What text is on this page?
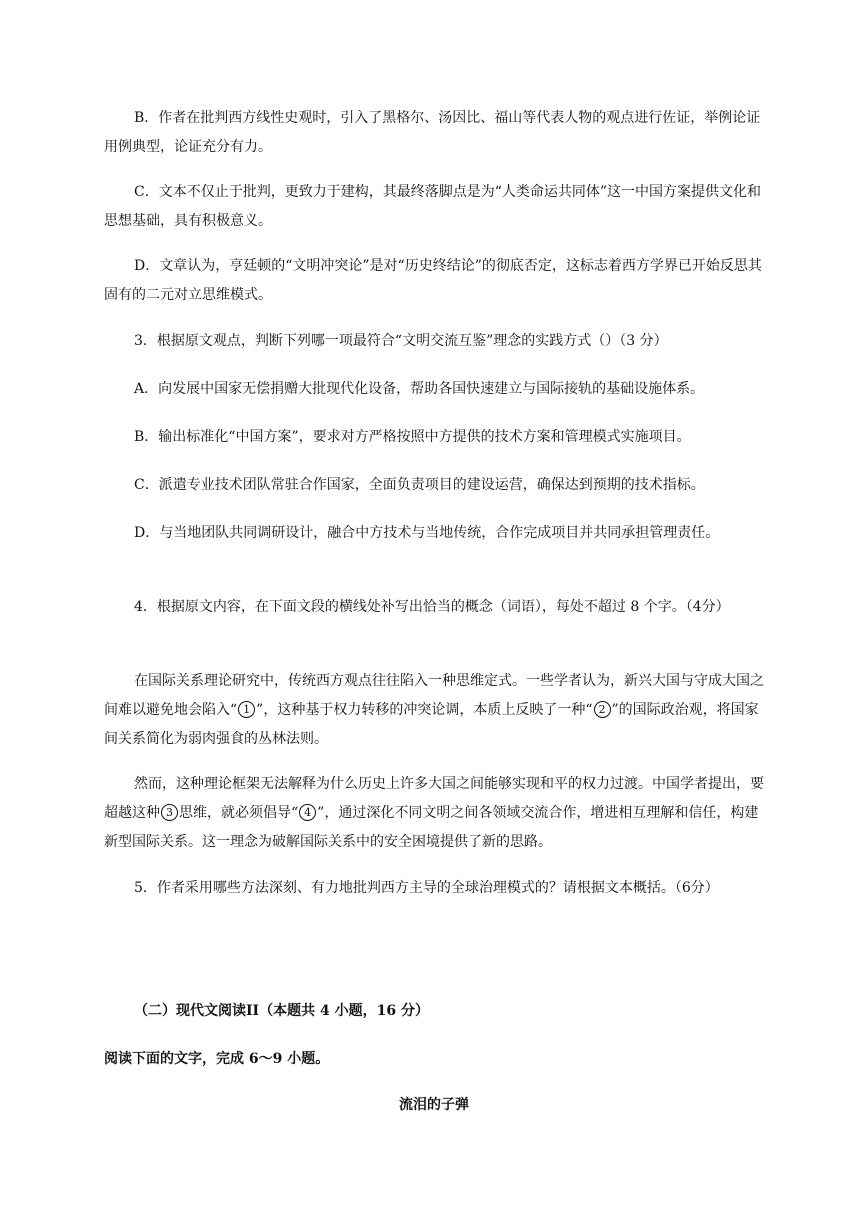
B．作者在批判西方线性史观时，引入了黑格尔、汤因比、福山等代表人物的观点进行佐证，举例论证用例典型，论证充分有力。

C．文本不仅止于批判，更致力于建构，其最终落脚点是为“人类命运共同体”这一中国方案提供文化和思想基础，具有积极意义。

D．文章认为，亨廷顿的“文明冲突论”是对“历史终结论”的彻底否定，这标志着西方学界已开始反思其固有的二元对立思维模式。

3．根据原文观点，判断下列哪一项最符合“文明交流互鉴”理念的实践方式（）（3 分）

A．向发展中国家无偿捐赠大批现代化设备，帮助各国快速建立与国际接轨的基础设施体系。

B．输出标准化“中国方案”，要求对方严格按照中方提供的技术方案和管理模式实施项目。

C．派遣专业技术团队常驻合作国家，全面负责项目的建设运营，确保达到预期的技术指标。

D．与当地团队共同调研设计，融合中方技术与当地传统，合作完成项目并共同承担管理责任。

4．根据原文内容，在下面文段的横线处补写出恰当的概念（词语），每处不超过 8 个字。（4分）

在国际关系理论研究中，传统西方观点往往陷入一种思维定式。一些学者认为，新兴大国与守成大国之间难以避免地会陷入“ 1 ”，这种基于权力转移的冲突论调，本质上反映了一种“ 2 ”的国际政治观，将国家间关系简化为弱肉强食的丛林法则。

然而，这种理论框架无法解释为什么历史上许多大国之间能够实现和平的权力过渡。中国学者提出，要超越这种 3 思维，就必须倡导“ 4 ”，通过深化不同文明之间各领域交流合作，增进相互理解和信任，构建新型国际关系。这一理念为破解国际关系中的安全困境提供了新的思路。

5．作者采用哪些方法深刻、有力地批判西方主导的全球治理模式的？请根据文本概括。（6分）

（二）现代文阅读II（本题共 4 小题，16 分）

阅读下面的文字，完成 6～9 小题。

流泪的子弹
